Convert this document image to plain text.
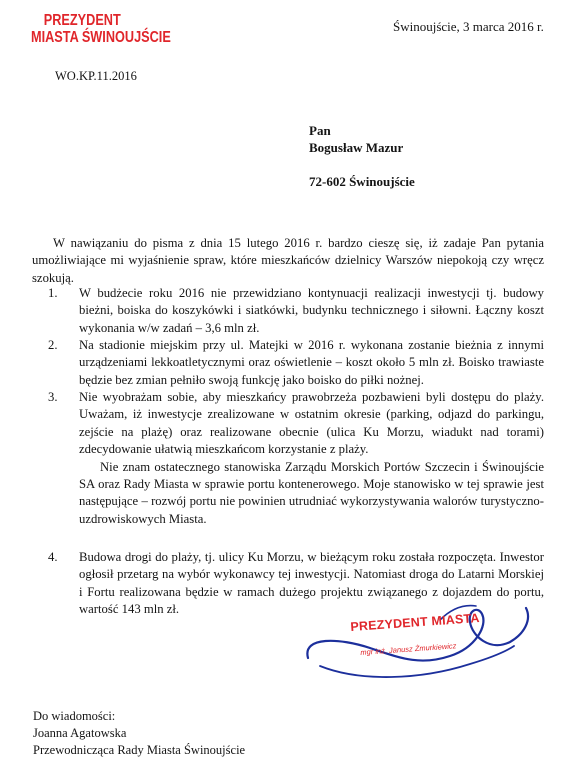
PREZYDENT
MIASTA ŚWINOUJŚCIE
WO.KP.11.2016
Świnoujście, 3 marca 2016 r.
Pan
Bogusław Mazur
72-602 Świnoujście
W nawiązaniu do pisma z dnia 15 lutego 2016 r. bardzo cieszę się, iż zadaje Pan pytania umożliwiające mi wyjaśnienie spraw, które mieszkańców dzielnicy Warszów niepokoją czy wręcz szokują.
1. W budżecie roku 2016 nie przewidziano kontynuacji realizacji inwestycji tj. budowy bieżni, boiska do koszykówki i siatkówki, budynku technicznego i siłowni. Łączny koszt wykonania w/w zadań – 3,6 mln zł.

2. Na stadionie miejskim przy ul. Matejki w 2016 r. wykonana zostanie bieżnia z innymi urządzeniami lekkoatletycznymi oraz oświetlenie – koszt około 5 mln zł. Boisko trawiaste będzie bez zmian pełniło swoją funkcję jako boisko do piłki nożnej.

3. Nie wyobrażam sobie, aby mieszkańcy prawobrzeża pozbawieni byli dostępu do plaży. Uważam, iż inwestycje zrealizowane w ostatnim okresie (parking, odjazd do parkingu, zejście na plażę) oraz realizowane obecnie (ulica Ku Morzu, wiadukt nad torami) zdecydowanie ułatwią mieszkańcom korzystanie z plaży.

Nie znam ostatecznego stanowiska Zarządu Morskich Portów Szczecin i Świnoujście SA oraz Rady Miasta w sprawie portu kontenerowego. Moje stanowisko w tej sprawie jest następujące – rozwój portu nie powinien utrudniać wykorzystywania walorów turystyczno-uzdrowiskowych Miasta.

4. Budowa drogi do plaży, tj. ulicy Ku Morzu, w bieżącym roku została rozpoczęta. Inwestor ogłosił przetarg na wybór wykonawcy tej inwestycji. Natomiast droga do Latarni Morskiej i Fortu realizowana będzie w ramach dużego projektu związanego z dojazdem do portu, wartość 143 mln zł.

PREZYDENT MIASTA
mgr inż. Janusz Żmurkiewicz
Do wiadomości:
Joanna Agatowska
Przewodnicząca Rady Miasta Świnoujście
